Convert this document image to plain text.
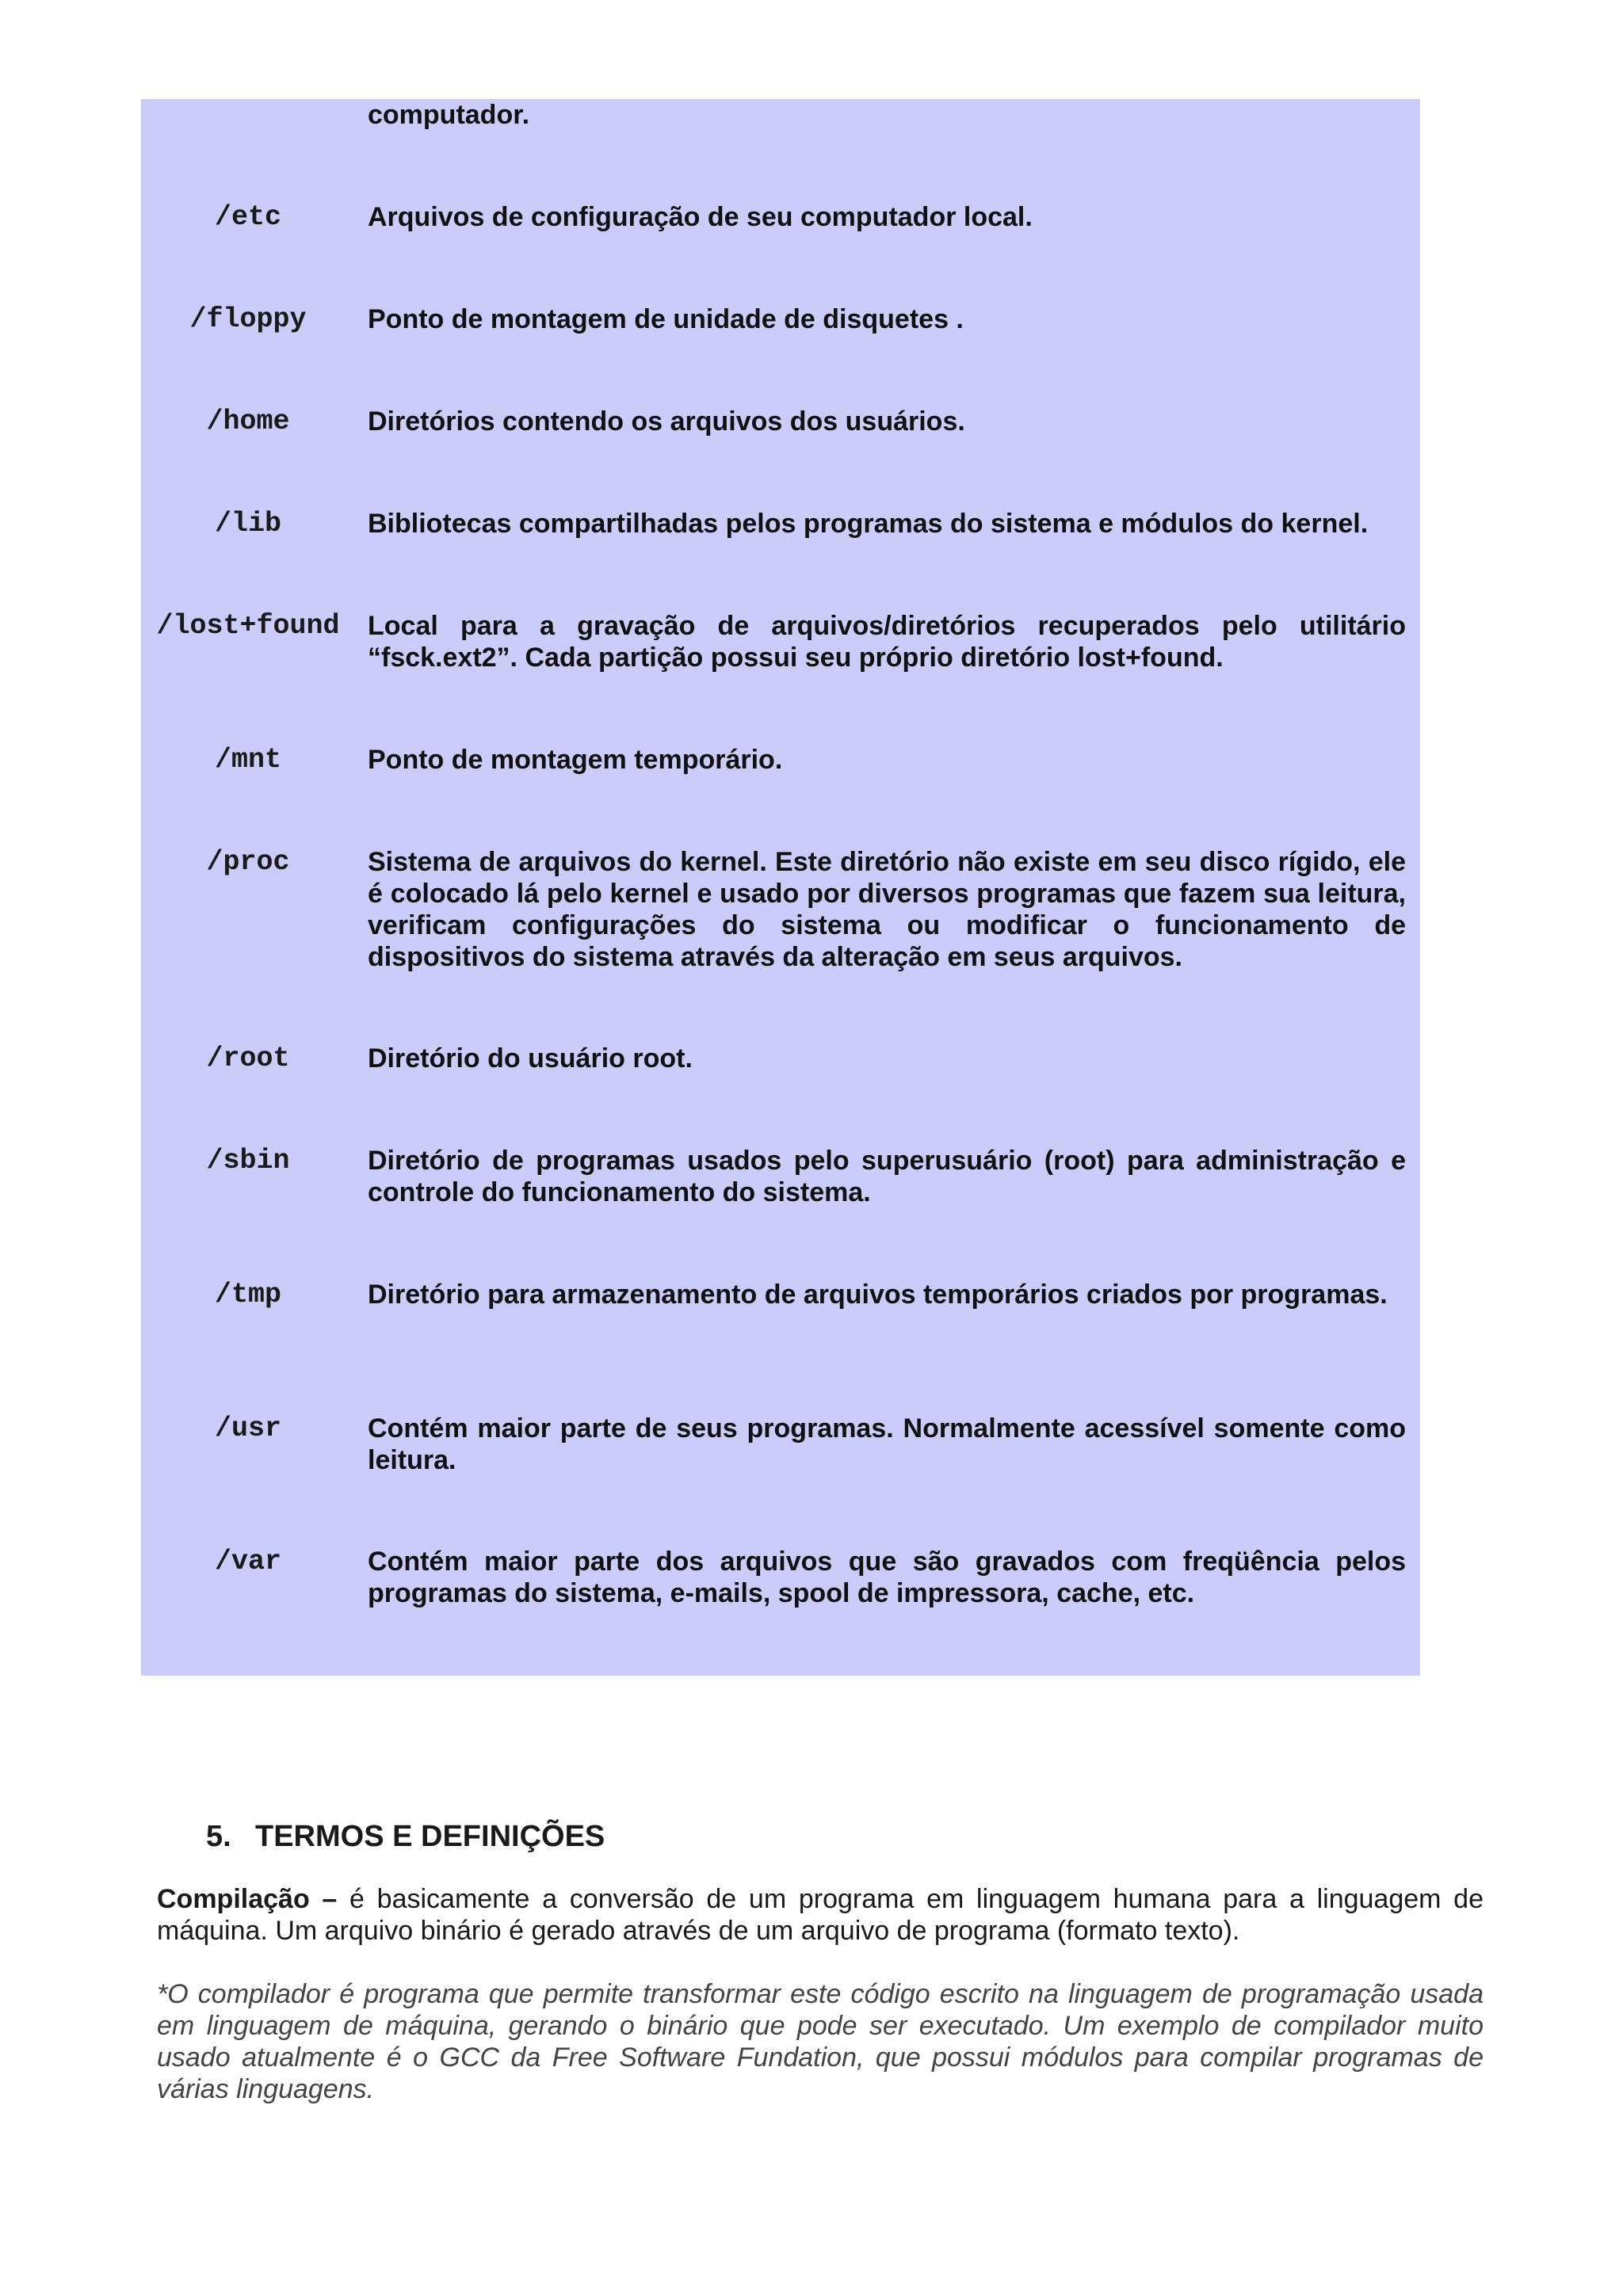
computador.
/etc	Arquivos de configuração de seu computador local.
/floppy	Ponto de montagem de unidade de disquetes .
/home	Diretórios contendo os arquivos dos usuários.
/lib	Bibliotecas compartilhadas pelos programas do sistema e módulos do kernel.
/lost+found	Local para a gravação de arquivos/diretórios recuperados pelo utilitário “fsck.ext2”. Cada partição possui seu próprio diretório lost+found.
/mnt	Ponto de montagem temporário.
/proc	Sistema de arquivos do kernel. Este diretório não existe em seu disco rígido, ele é colocado lá pelo kernel e usado por diversos programas que fazem sua leitura, verificam configurações do sistema ou modificar o funcionamento de dispositivos do sistema através da alteração em seus arquivos.
/root	Diretório do usuário root.
/sbin	Diretório de programas usados pelo superusuário (root) para administração e controle do funcionamento do sistema.
/tmp	Diretório para armazenamento de arquivos temporários criados por programas.
/usr	Contém maior parte de seus programas. Normalmente acessível somente como leitura.
/var	Contém maior parte dos arquivos que são gravados com freqüência pelos programas do sistema, e-mails, spool de impressora, cache, etc.
5. TERMOS E DEFINIÇÕES
Compilação – é basicamente a conversão de um programa em linguagem humana para a linguagem de máquina. Um arquivo binário é gerado através de um arquivo de programa (formato texto).
*O compilador é programa que permite transformar este código escrito na linguagem de programação usada em linguagem de máquina, gerando o binário que pode ser executado. Um exemplo de compilador muito usado atualmente é o GCC da Free Software Fundation, que possui módulos para compilar programas de várias linguagens.
